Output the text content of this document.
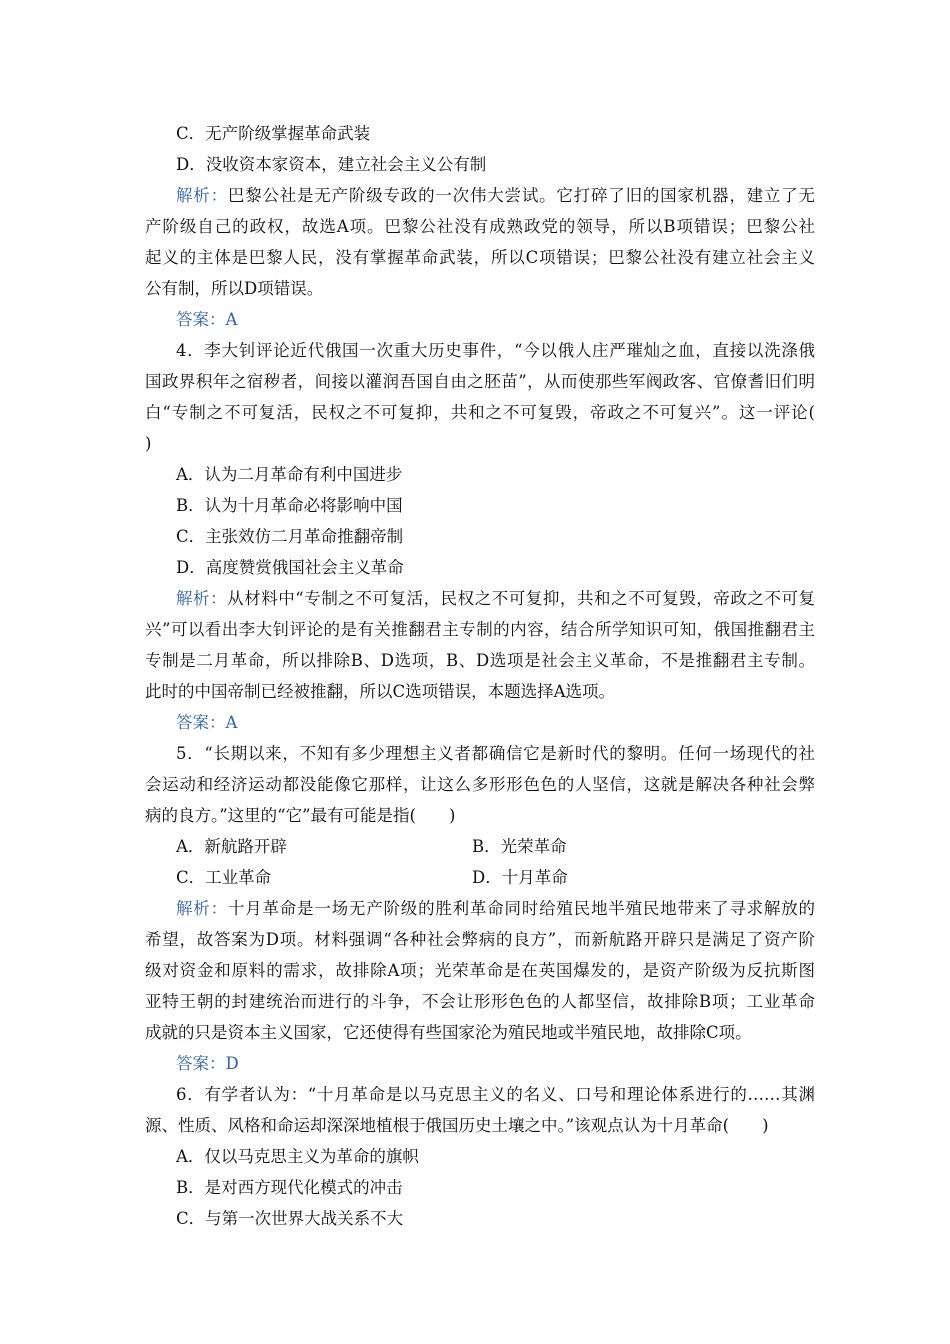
C．无产阶级掌握革命武装
D．没收资本家资本，建立社会主义公有制
解析：巴黎公社是无产阶级专政的一次伟大尝试。它打碎了旧的国家机器，建立了无
产阶级自己的政权，故选A项。巴黎公社没有成熟政党的领导，所以B项错误；巴黎公社
起义的主体是巴黎人民，没有掌握革命武装，所以C项错误；巴黎公社没有建立社会主义
公有制，所以D项错误。
答案：A
4．李大钊评论近代俄国一次重大历史事件，“今以俄人庄严璀灿之血，直接以洗涤俄
国政界积年之宿秽者，间接以灌润吾国自由之胚苗”，从而使那些军阀政客、官僚耆旧们明
白“专制之不可复活，民权之不可复抑，共和之不可复毁，帝政之不可复兴”。这一评论(
)
A．认为二月革命有利中国进步
B．认为十月革命必将影响中国
C．主张效仿二月革命推翻帝制
D．高度赞赏俄国社会主义革命
解析：从材料中“专制之不可复活，民权之不可复抑，共和之不可复毁，帝政之不可复
兴”可以看出李大钊评论的是有关推翻君主专制的内容，结合所学知识可知，俄国推翻君主
专制是二月革命，所以排除B、D选项，B、D选项是社会主义革命，不是推翻君主专制。
此时的中国帝制已经被推翻，所以C选项错误，本题选择A选项。
答案：A
5．“长期以来，不知有多少理想主义者都确信它是新时代的黎明。任何一场现代的社
会运动和经济运动都没能像它那样，让这么多形形色色的人坚信，这就是解决各种社会弊
病的良方。”这里的“它”最有可能是指(　　)
A．新航路开辟	B．光荣革命
C．工业革命	D．十月革命
解析：十月革命是一场无产阶级的胜利革命同时给殖民地半殖民地带来了寻求解放的
希望，故答案为D项。材料强调“各种社会弊病的良方”，而新航路开辟只是满足了资产阶
级对资金和原料的需求，故排除A项；光荣革命是在英国爆发的，是资产阶级为反抗斯图
亚特王朝的封建统治而进行的斗争，不会让形形色色的人都坚信，故排除B项；工业革命
成就的只是资本主义国家，它还使得有些国家沦为殖民地或半殖民地，故排除C项。
答案：D
6．有学者认为：“十月革命是以马克思主义的名义、口号和理论体系进行的……其渊
源、性质、风格和命运却深深地植根于俄国历史土壤之中。”该观点认为十月革命(　　)
A．仅以马克思主义为革命的旗帜
B．是对西方现代化模式的冲击
C．与第一次世界大战关系不大
